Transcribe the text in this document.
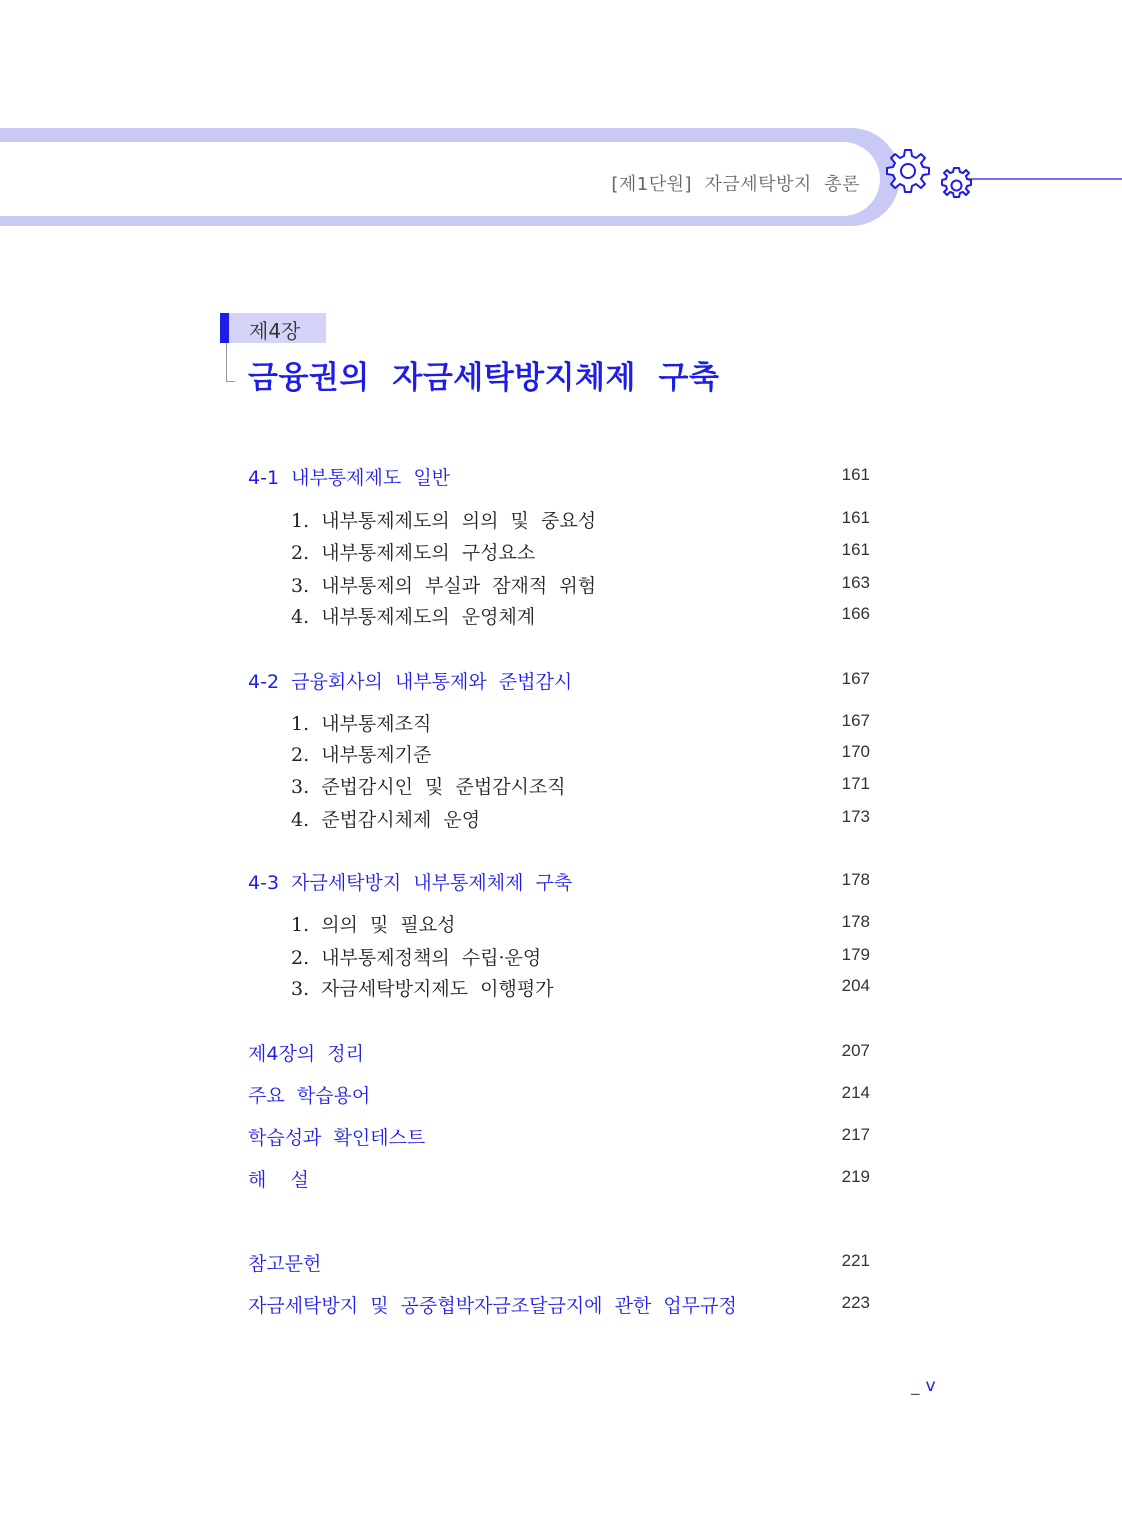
[제1단원]  자금세탁방지  총론
제4장
금융권의  자금세탁방지체제  구축
4-1  내부통제제도  일반	161
1.  내부통제제도의  의의  및  중요성	161
2.  내부통제제도의  구성요소	161
3.  내부통제의  부실과  잠재적  위험	163
4.  내부통제제도의  운영체계	166
4-2  금융회사의  내부통제와  준법감시	167
1.  내부통제조직	167
2.  내부통제기준	170
3.  준법감시인  및  준법감시조직	171
4.  준법감시체제  운영	173
4-3  자금세탁방지  내부통제체제  구축	178
1.  의의  및  필요성	178
2.  내부통제정책의  수립·운영	179
3.  자금세탁방지제도  이행평가	204
제4장의  정리	207
주요  학습용어	214
학습성과  확인테스트	217
해    설	219
참고문헌	221
자금세탁방지  및  공중협박자금조달금지에  관한  업무규정	223
_ v
